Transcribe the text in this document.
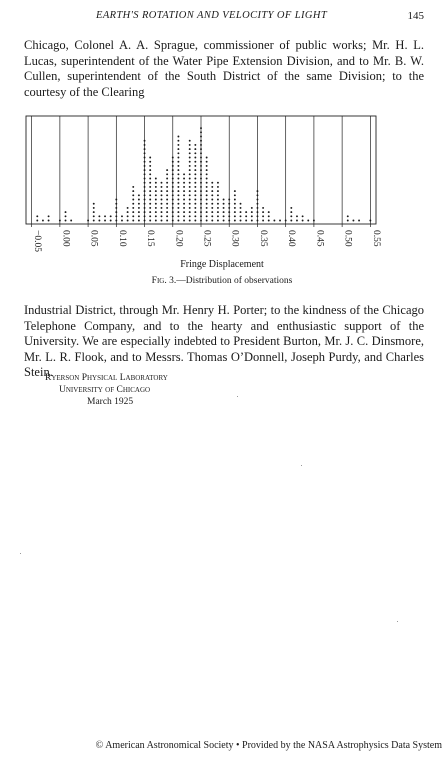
EARTH'S ROTATION AND VELOCITY OF LIGHT	145

Chicago, Colonel A. A. Sprague, commissioner of public works; Mr. H. L. Lucas, superintendent of the Water Pipe Extension Division, and to Mr. B. W. Cullen, superintendent of the South District of the same Division; to the courtesy of the Clearing

−0.05 0.00 0.05 0.10 0.15 0.20 0.25 0.30 0.35 0.40 0.45 0.50 0.55
Fringe Displacement
Fig. 3.—Distribution of observations

Industrial District, through Mr. Henry H. Porter; to the kindness of the Chicago Telephone Company, and to the hearty and enthusiastic support of the University. We are especially indebted to President Burton, Mr. J. C. Dinsmore, Mr. L. R. Flook, and to Messrs. Thomas O’Donnell, Joseph Purdy, and Charles Stein.

Ryerson Physical Laboratory
University of Chicago
March 1925
© American Astronomical Society • Provided by the NASA Astrophysics Data System
